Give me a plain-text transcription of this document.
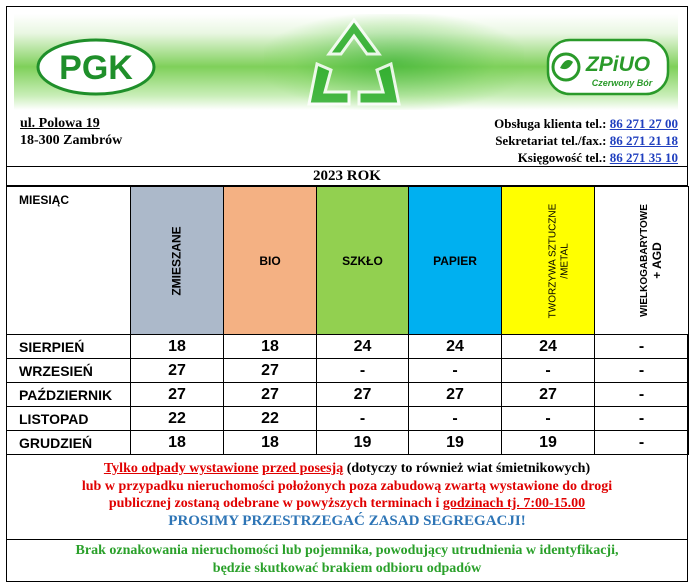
PGK	ZPiUO
Czerwony Bór
ul. Polowa 19
18-300 Zambrów
Obsługa klienta tel.: 86 271 27 00
Sekretariat tel./fax.: 86 271 21 18
Księgowość tel.: 86 271 35 10
2023 ROK
MIESIĄC	ZMIESZANE	BIO	SZKŁO	PAPIER	TWORZYWA SZTUCZNE
/METAL	WIELKOGABARYTOWE
+ AGD
SIERPIEŃ	18	18	24	24	24	-
WRZESIEŃ	27	27	-	-	-	-
PAŹDZIERNIK	27	27	27	27	27	-
LISTOPAD	22	22	-	-	-	-
GRUDZIEŃ	18	18	19	19	19	-
Tylko odpady wystawione przed posesją (dotyczy to również wiat śmietnikowych)
lub w przypadku nieruchomości położonych poza zabudową zwartą wystawione do drogi
publicznej zostaną odebrane w powyższych terminach i godzinach tj. 7:00-15.00
PROSIMY PRZESTRZEGAĆ ZASAD SEGREGACJI!
Brak oznakowania nieruchomości lub pojemnika, powodujący utrudnienia w identyfikacji,
będzie skutkować brakiem odbioru odpadów
